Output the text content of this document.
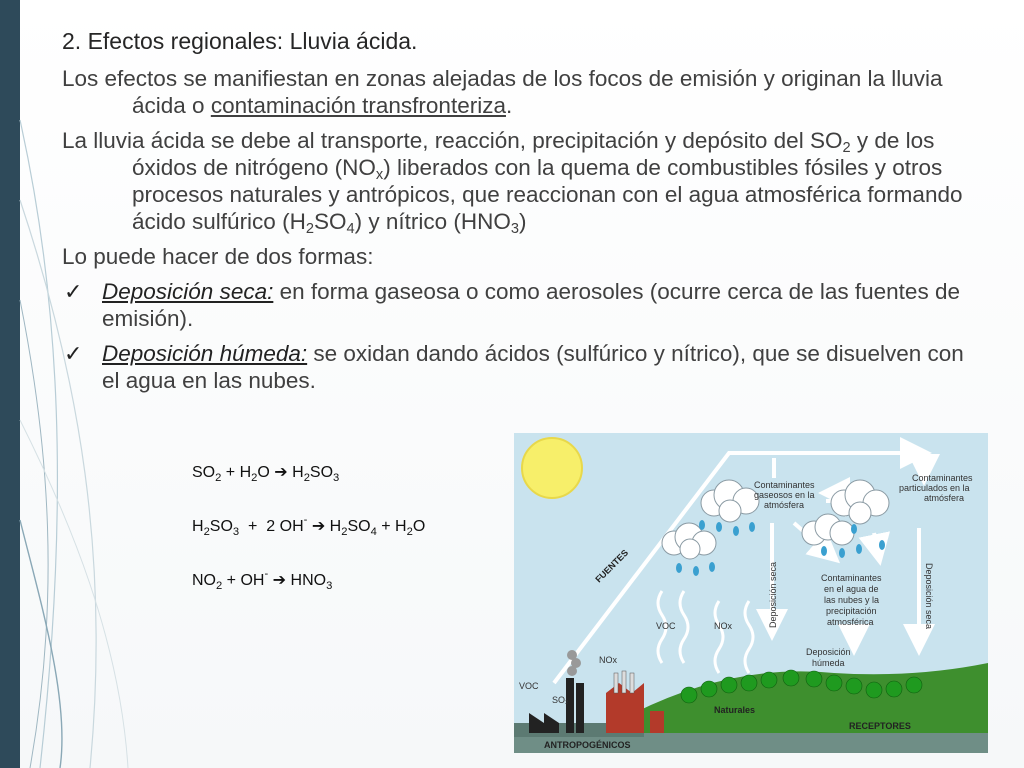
2. Efectos regionales: Lluvia ácida.
Los efectos se manifiestan en zonas alejadas de los focos de emisión y originan la lluvia ácida o contaminación transfronteriza.
La lluvia ácida se debe al transporte, reacción, precipitación y depósito del $SO_2$ y de los óxidos de nitrógeno $(NO_x)$ liberados con la quema de combustibles fósiles y otros procesos naturales y antrópicos, que reaccionan con el agua atmosférica formando ácido sulfúrico $(H_2SO_4)$ y nítrico $(HNO_3)$
Lo puede hacer de dos formas:
✓ Deposición seca: en forma gaseosa o como aerosoles (ocurre cerca de las fuentes de emisión).
✓ Deposición húmeda: se oxidan dando ácidos (sulfúrico y nítrico), que se disuelven con el agua en las nubes.
$SO_2 + H_2O$ ➔ $H_2SO_3$
$H_2SO_3 + 2$ OH- ➔ $H_2SO_4 + H_2O$
$NO_2 + OH^-$ ➔ $HNO_3$
Contaminantes
gaseosos en la
atmósfera
Contaminantes
particulados en la
atmósfera
FUENTES	Deposición seca	Deposición seca
Contaminantes
en el agua de
las nubes y la
precipitación
atmosférica
VOC	NOx
Deposición
húmeda
NOx
VOC
SO₂
Naturales
RECEPTORES
ANTROPOGÉNICOS
